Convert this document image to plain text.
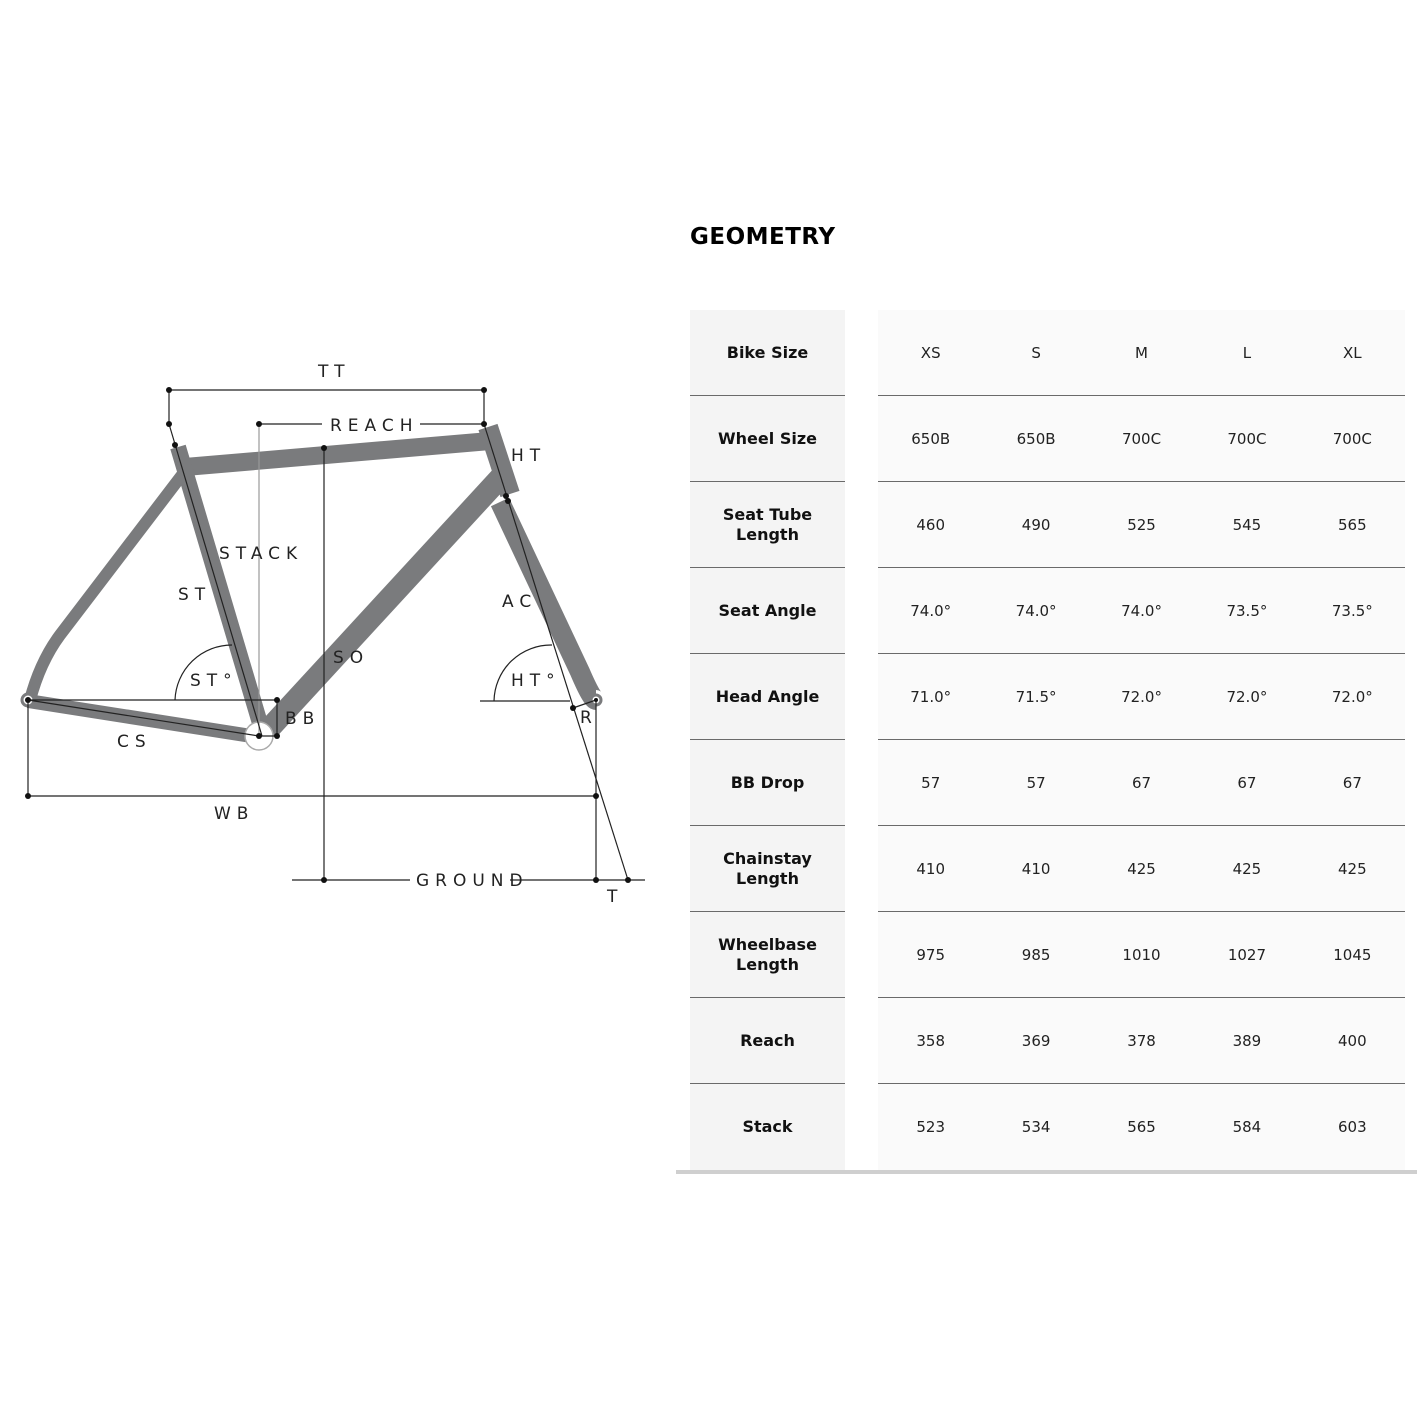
TT
REACH
HT
STACK
ST	AC
SO
ST°	HT°
BB	R
CS
WB
GROUND
T
GEOMETRY
Bike Size	XS	S	M	L	XL
Wheel Size	650B	650B	700C	700C	700C
Seat Tube Length	460	490	525	545	565
Seat Angle	74.0°	74.0°	74.0°	73.5°	73.5°
Head Angle	71.0°	71.5°	72.0°	72.0°	72.0°
BB Drop	57	57	67	67	67
Chainstay Length	410	410	425	425	425
Wheelbase Length	975	985	1010	1027	1045
Reach	358	369	378	389	400
Stack	523	534	565	584	603
